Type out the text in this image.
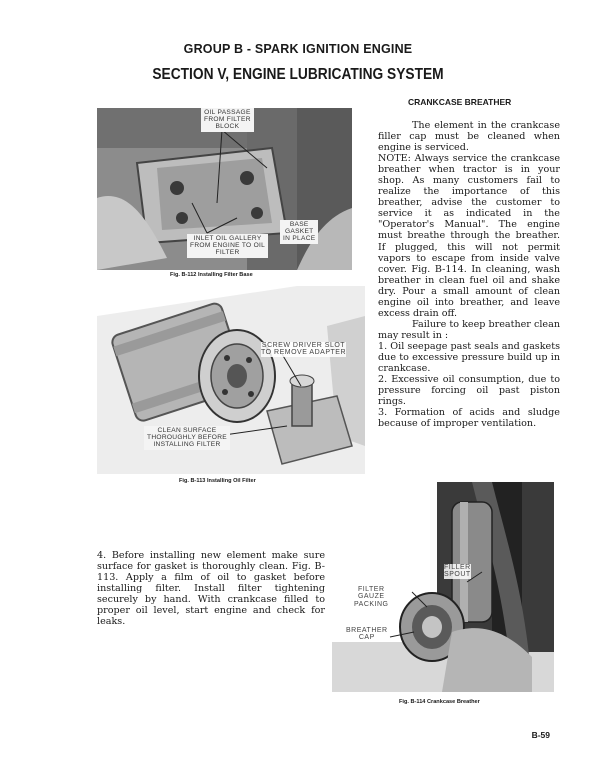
GROUP B - SPARK IGNITION ENGINE
SECTION V, ENGINE LUBRICATING SYSTEM
OIL PASSAGE
FROM FILTER
BLOCK
BASE
GASKET
IN PLACE
INLET OIL GALLERY
FROM ENGINE TO OIL
FILTER
Fig. B-112 Installing Filter Base
SCREW DRIVER SLOT
TO REMOVE ADAPTER
CLEAN SURFACE
THOROUGHLY BEFORE
INSTALLING FILTER
Fig. B-113 Installing Oil Filter
CRANKCASE BREATHER

The element in the crankcase filler cap must be cleaned when engine is serviced.

NOTE: Always service the crankcase breather when tractor is in your shop. As many customers fail to realize the importance of this breather, advise the customer to service it as indicated in the "Operator's Manual". The engine must breathe through the breather. If plugged, this will not permit vapors to escape from inside valve cover. Fig. B-114. In cleaning, wash breather in clean fuel oil and shake dry. Pour a small amount of clean engine oil into breather, and leave excess drain off.

Failure to keep breather clean may result in :

1. Oil seepage past seals and gaskets due to excessive pressure build up in crankcase.

2. Excessive oil consumption, due to pressure forcing oil past piston rings.

3. Formation of acids and sludge because of improper ventilation.

4. Before installing new element make sure surface for gasket is thoroughly clean. Fig. B-113. Apply a film of oil to gasket before installing filter. Install filter tightening securely by hand. With crankcase filled to proper oil level, start engine and check for leaks.

FILLER
SPOUT
FILTER
GAUZE
PACKING
BREATHER
CAP
Fig. B-114 Crankcase Breather
B-59
